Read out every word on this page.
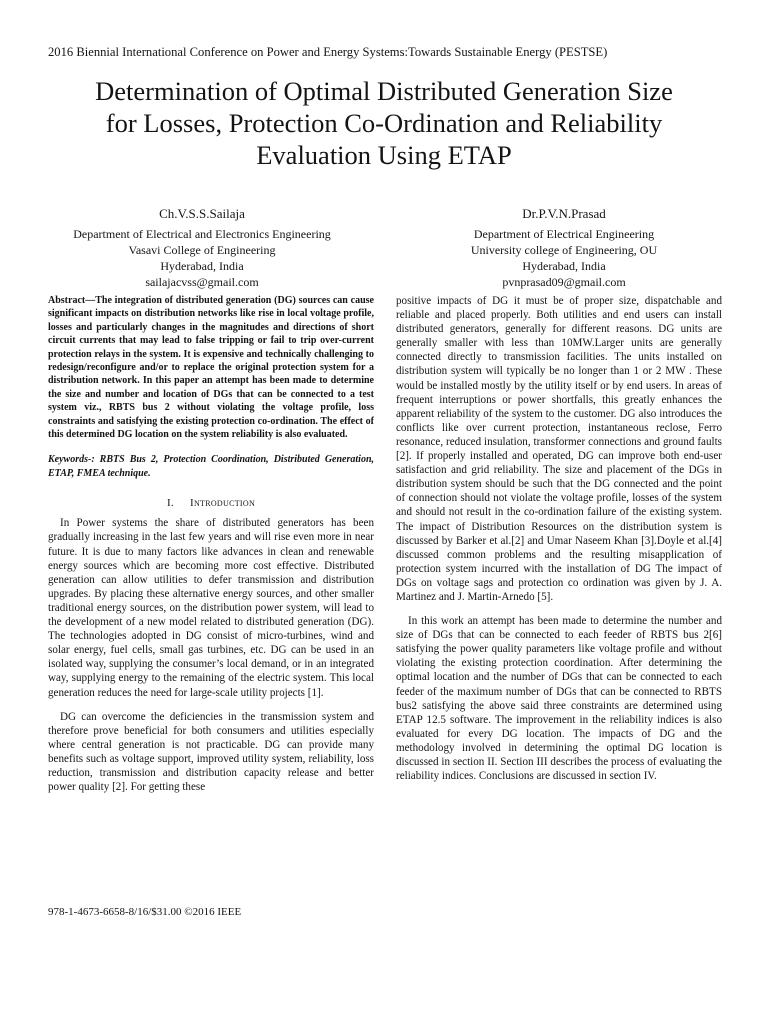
2016 Biennial International Conference on Power and Energy Systems:Towards Sustainable Energy (PESTSE)
Determination of Optimal Distributed Generation Size
for Losses, Protection Co-Ordination and Reliability
Evaluation Using ETAP
Ch.V.S.S.Sailaja
Department of Electrical and Electronics Engineering
Vasavi College of Engineering
Hyderabad, India
sailajacvss@gmail.com
Dr.P.V.N.Prasad
Department of Electrical Engineering
University college of Engineering, OU
Hyderabad, India
pvnprasad09@gmail.com

Abstract—The integration of distributed generation (DG) sources can cause significant impacts on distribution networks like rise in local voltage profile, losses and particularly changes in the magnitudes and directions of short circuit currents that may lead to false tripping or fail to trip over-current protection relays in the system. It is expensive and technically challenging to redesign/reconfigure and/or to replace the original protection system for a distribution network. In this paper an attempt has been made to determine the size and number and location of DGs that can be connected to a test system viz., RBTS bus 2 without violating the voltage profile, loss constraints and satisfying the existing protection co-ordination. The effect of this determined DG location on the system reliability is also evaluated.

Keywords-: RBTS Bus 2, Protection Coordination, Distributed Generation, ETAP, FMEA technique.

I. Introduction

In Power systems the share of distributed generators has been gradually increasing in the last few years and will rise even more in near future. It is due to many factors like advances in clean and renewable energy sources which are becoming more cost effective. Distributed generation can allow utilities to defer transmission and distribution upgrades. By placing these alternative energy sources, and other smaller traditional energy sources, on the distribution power system, will lead to the development of a new model related to distributed generation (DG). The technologies adopted in DG consist of micro-turbines, wind and solar energy, fuel cells, small gas turbines, etc. DG can be used in an isolated way, supplying the consumer’s local demand, or in an integrated way, supplying energy to the remaining of the electric system. This local generation reduces the need for large-scale utility projects [1].

DG can overcome the deficiencies in the transmission system and therefore prove beneficial for both consumers and utilities especially where central generation is not practicable. DG can provide many benefits such as voltage support, improved utility system, reliability, loss reduction, transmission and distribution capacity release and better power quality [2]. For getting these

positive impacts of DG it must be of proper size, dispatchable and reliable and placed properly. Both utilities and end users can install distributed generators, generally for different reasons. DG units are generally smaller with less than 10MW.Larger units are generally connected directly to transmission facilities. The units installed on distribution system will typically be no longer than 1 or 2 MW . These would be installed mostly by the utility itself or by end users. In areas of frequent interruptions or power shortfalls, this greatly enhances the apparent reliability of the system to the customer. DG also introduces the conflicts like over current protection, instantaneous reclose, Ferro resonance, reduced insulation, transformer connections and ground faults [2]. If properly installed and operated, DG can improve both end-user satisfaction and grid reliability. The size and placement of the DGs in distribution system should be such that the DG connected and the point of connection should not violate the voltage profile, losses of the system and should not result in the co-ordination failure of the existing system. The impact of Distribution Resources on the distribution system is discussed by Barker et al.[2] and Umar Naseem Khan [3].Doyle et al.[4] discussed common problems and the resulting misapplication of protection system incurred with the installation of DG The impact of DGs on voltage sags and protection co ordination was given by J. A. Martinez and J. Martin-Arnedo [5].

In this work an attempt has been made to determine the number and size of DGs that can be connected to each feeder of RBTS bus 2[6] satisfying the power quality parameters like voltage profile and without violating the existing protection coordination. After determining the optimal location and the number of DGs that can be connected to each feeder of the maximum number of DGs that can be connected to RBTS bus2 satisfying the above said three constraints are determined using ETAP 12.5 software. The improvement in the reliability indices is also evaluated for every DG location. The impacts of DG and the methodology involved in determining the optimal DG location is discussed in section II. Section III describes the process of evaluating the reliability indices. Conclusions are discussed in section IV.

978-1-4673-6658-8/16/$31.00 ©2016 IEEE
